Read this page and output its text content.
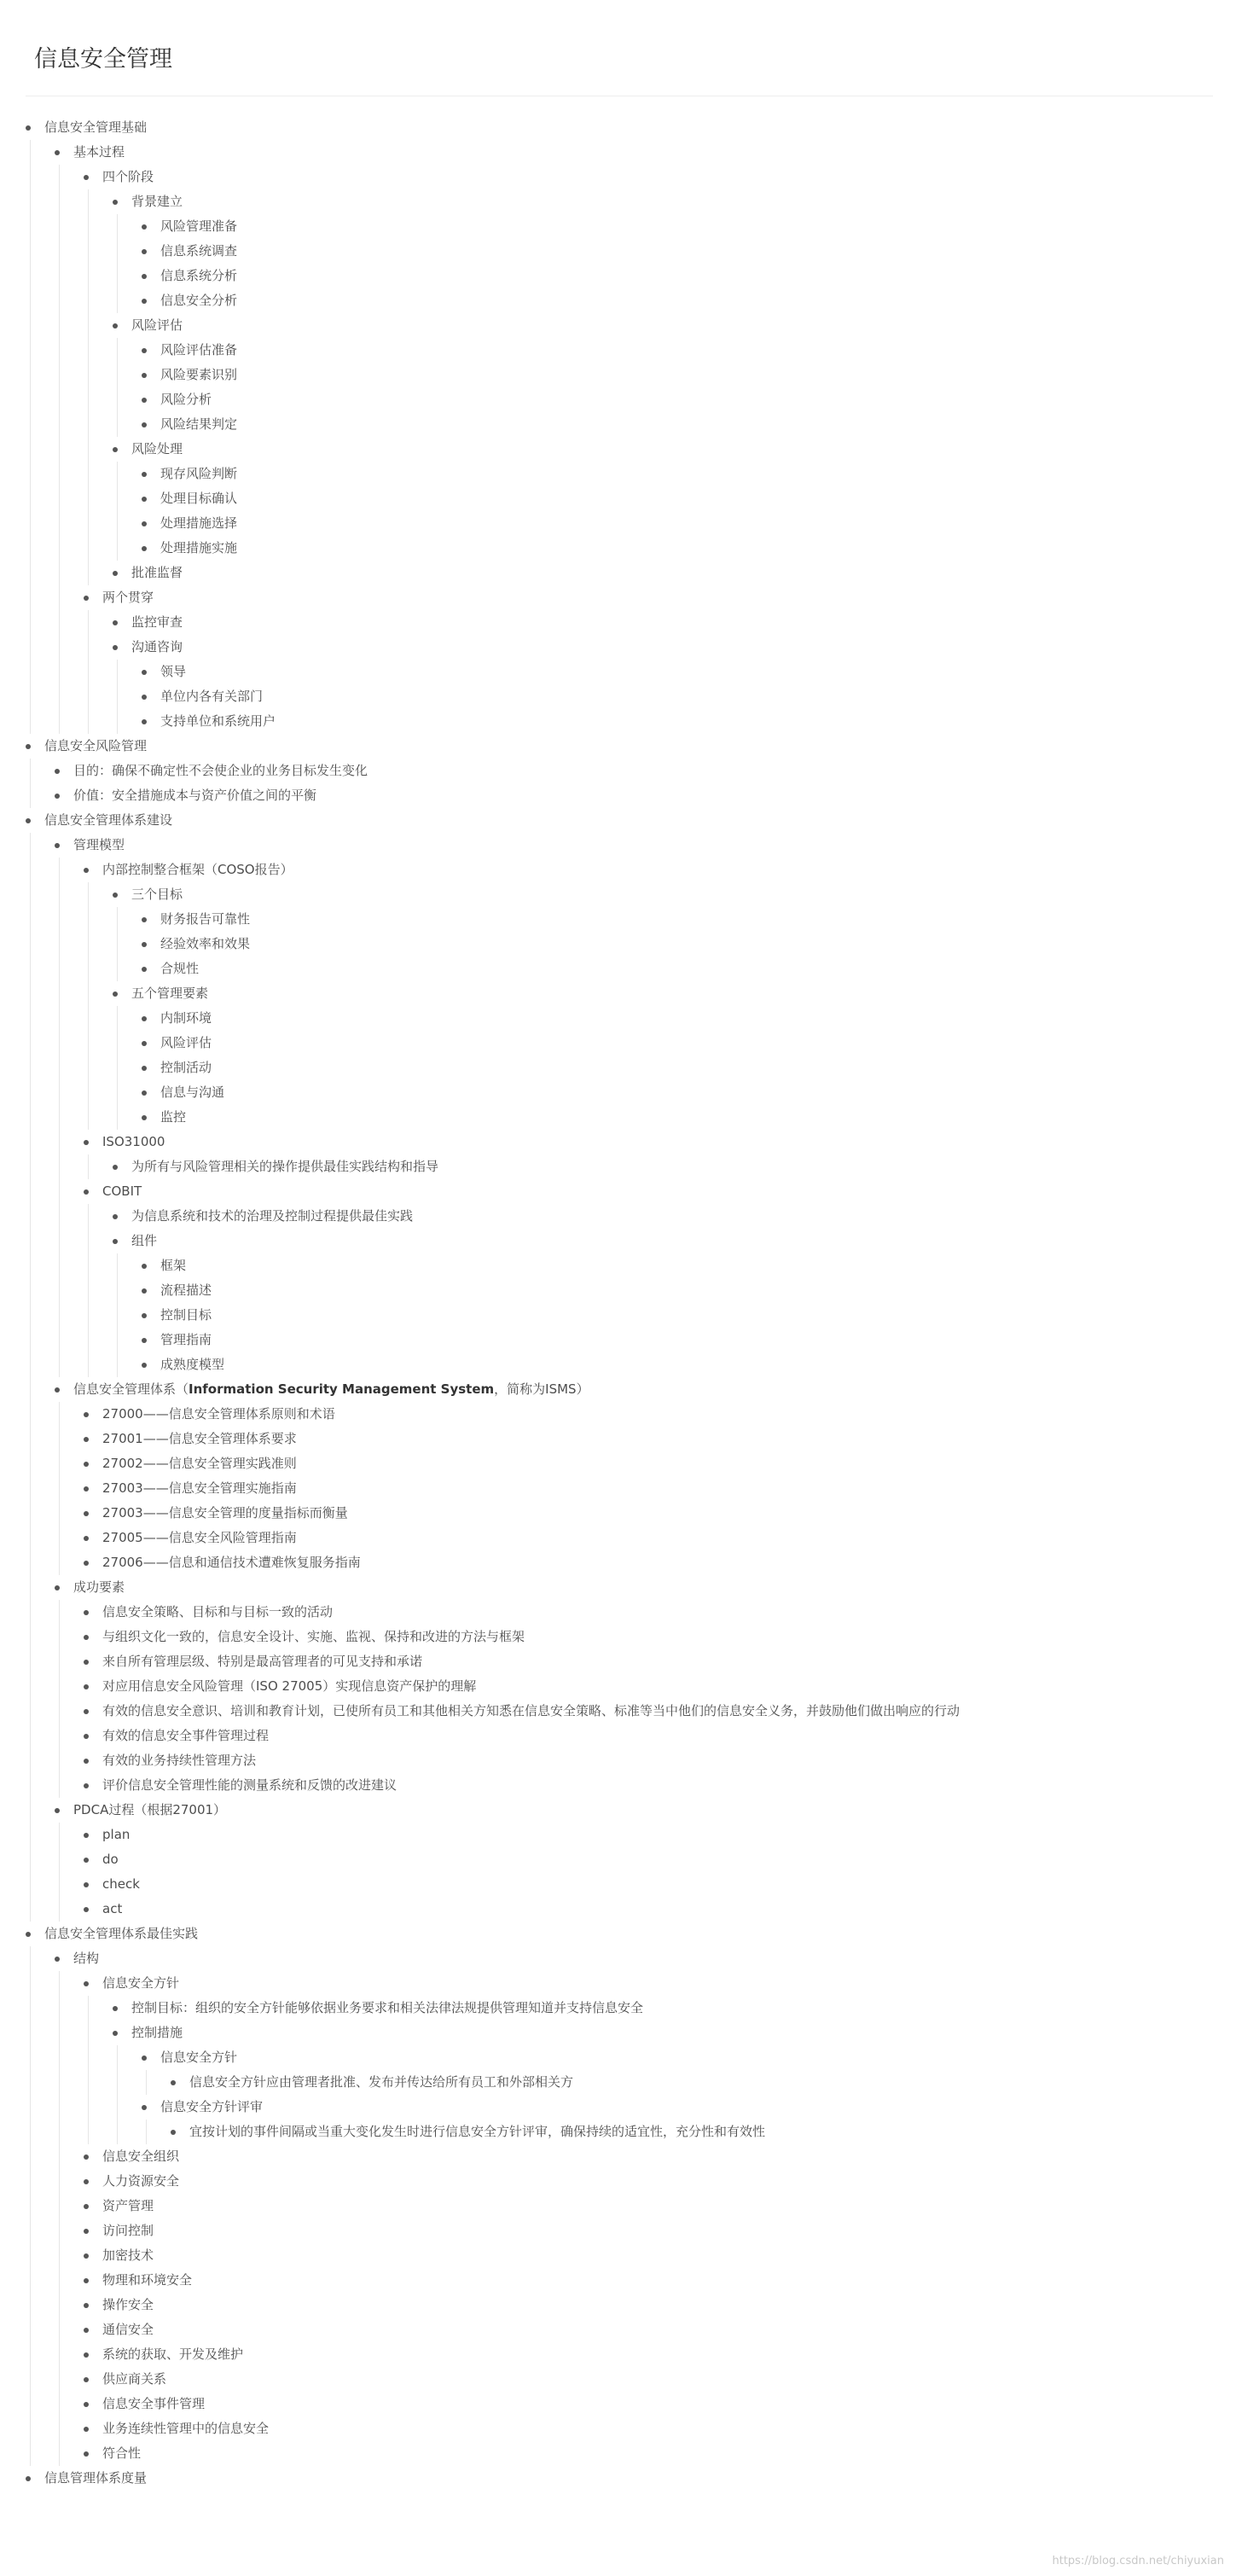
信息安全管理
信息安全管理基础
基本过程
四个阶段
背景建立
风险管理准备
信息系统调查
信息系统分析
信息安全分析
风险评估
风险评估准备
风险要素识别
风险分析
风险结果判定
风险处理
现存风险判断
处理目标确认
处理措施选择
处理措施实施
批准监督
两个贯穿
监控审查
沟通咨询
领导
单位内各有关部门
支持单位和系统用户
信息安全风险管理
目的：确保不确定性不会使企业的业务目标发生变化
价值：安全措施成本与资产价值之间的平衡
信息安全管理体系建设
管理模型
内部控制整合框架（COSO报告）
三个目标
财务报告可靠性
经验效率和效果
合规性
五个管理要素
内制环境
风险评估
控制活动
信息与沟通
监控
ISO31000
为所有与风险管理相关的操作提供最佳实践结构和指导
COBIT
为信息系统和技术的治理及控制过程提供最佳实践
组件
框架
流程描述
控制目标
管理指南
成熟度模型
信息安全管理体系（ Information Security Management System ，简称为ISMS）
27000——信息安全管理体系原则和术语
27001——信息安全管理体系要求
27002——信息安全管理实践准则
27003——信息安全管理实施指南
27003——信息安全管理的度量指标而衡量
27005——信息安全风险管理指南
27006——信息和通信技术遭难恢复服务指南
成功要素
信息安全策略、目标和与目标一致的活动
与组织文化一致的，信息安全设计、实施、监视、保持和改进的方法与框架
来自所有管理层级、特别是最高管理者的可见支持和承诺
对应用信息安全风险管理（ISO 27005）实现信息资产保护的理解
有效的信息安全意识、培训和教育计划，已使所有员工和其他相关方知悉在信息安全策略、标准等当中他们的信息安全义务，并鼓励他们做出响应的行动
有效的信息安全事件管理过程
有效的业务持续性管理方法
评价信息安全管理性能的测量系统和反馈的改进建议
PDCA过程（根据27001）
plan
do
check
act
信息安全管理体系最佳实践
结构
信息安全方针
控制目标：组织的安全方针能够依据业务要求和相关法律法规提供管理知道并支持信息安全
控制措施
信息安全方针
信息安全方针应由管理者批准、发布并传达给所有员工和外部相关方
信息安全方针评审
宜按计划的事件间隔或当重大变化发生时进行信息安全方针评审，确保持续的适宜性，充分性和有效性
信息安全组织
人力资源安全
资产管理
访问控制
加密技术
物理和环境安全
操作安全
通信安全
系统的获取、开发及维护
供应商关系
信息安全事件管理
业务连续性管理中的信息安全
符合性
信息管理体系度量
https://blog.csdn.net/chiyuxian
